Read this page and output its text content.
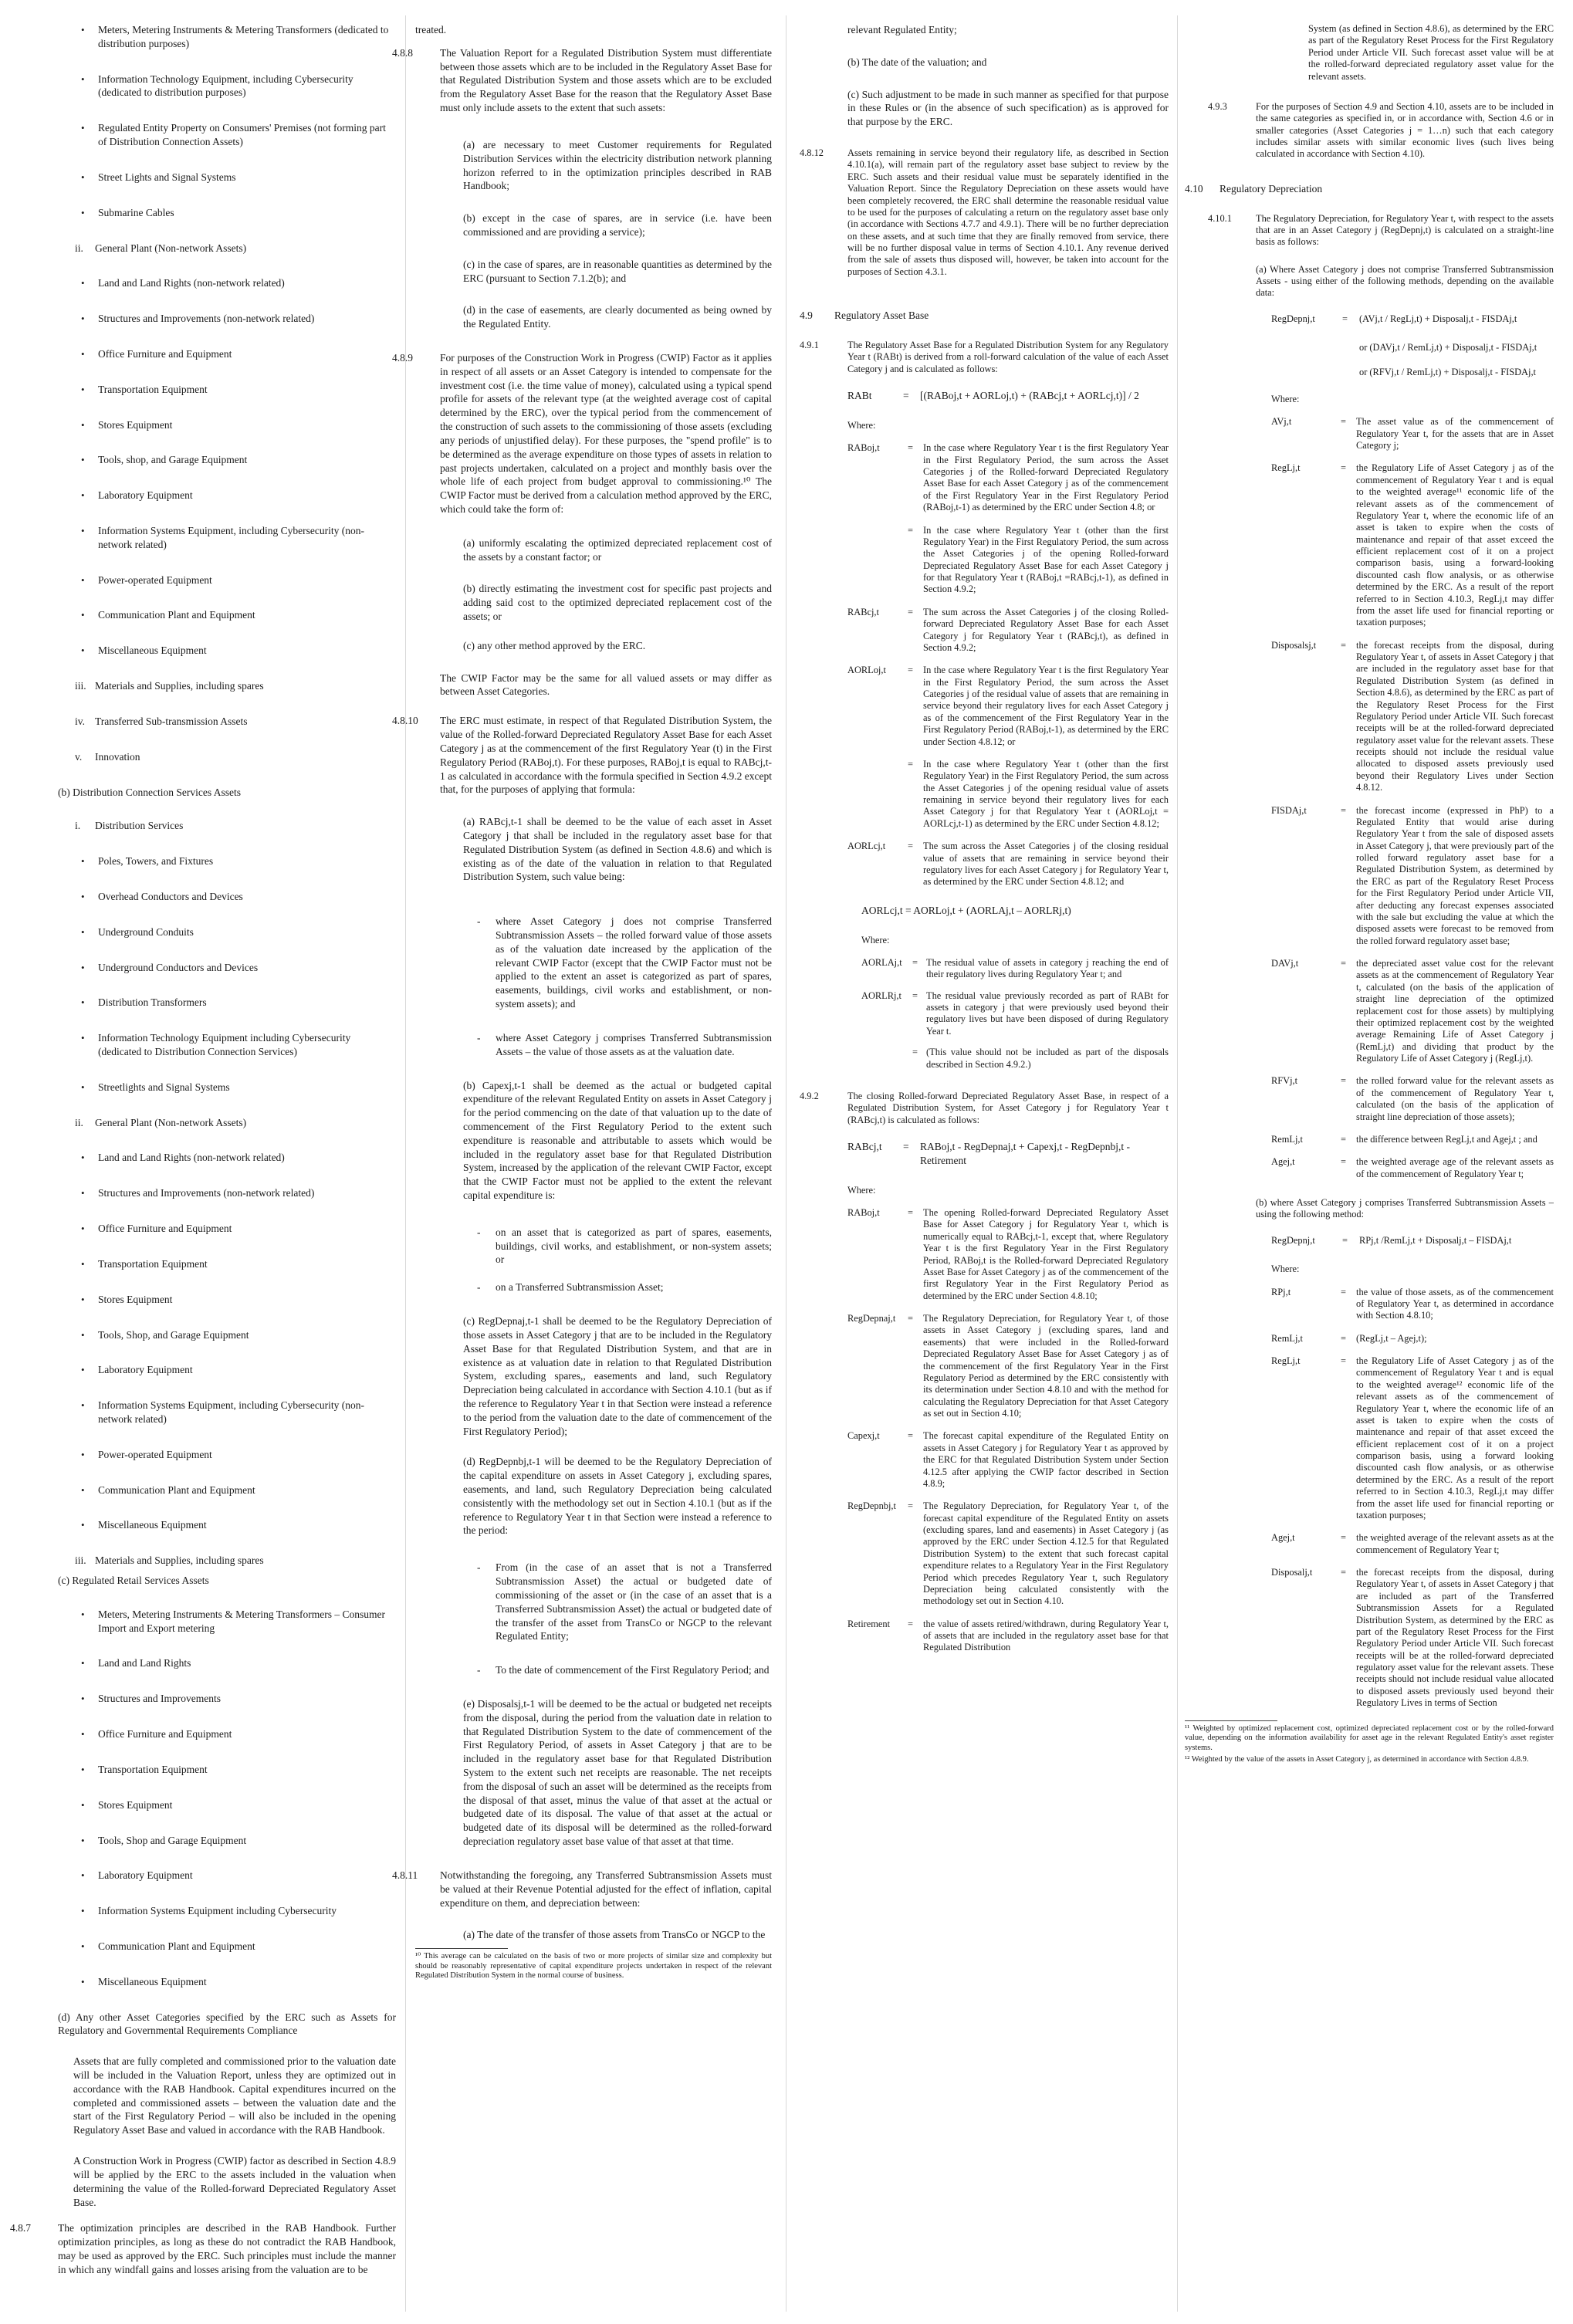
• Meters, Metering Instruments & Metering Transformers (dedicated to distribution purposes)
• Information Technology Equipment, including Cybersecurity (dedicated to distribution purposes)
• Regulated Entity Property on Consumers' Premises (not forming part of Distribution Connection Assets)
• Street Lights and Signal Systems
• Submarine Cables
ii. General Plant (Non-network Assets)
• Land and Land Rights (non-network related)
• Structures and Improvements (non-network related)
• Office Furniture and Equipment
• Transportation Equipment
• Stores Equipment
• Tools, shop, and Garage Equipment
• Laboratory Equipment
• Information Systems Equipment, including Cybersecurity (non-network related)
• Power-operated Equipment
• Communication Plant and Equipment
• Miscellaneous Equipment
iii. Materials and Supplies, including spares
iv. Transferred Sub-transmission Assets
v. Innovation
(b) Distribution Connection Services Assets
i. Distribution Services
• Poles, Towers, and Fixtures
• Overhead Conductors and Devices
• Underground Conduits
• Underground Conductors and Devices
• Distribution Transformers
• Information Technology Equipment including Cybersecurity (dedicated to Distribution Connection Services)
• Streetlights and Signal Systems
ii. General Plant (Non-network Assets)
• Land and Land Rights (non-network related)
• Structures and Improvements (non-network related)
• Office Furniture and Equipment
• Transportation Equipment
• Stores Equipment
• Tools, Shop, and Garage Equipment
• Laboratory Equipment
• Information Systems Equipment, including Cybersecurity (non-network related)
• Power-operated Equipment
• Communication Plant and Equipment
• Miscellaneous Equipment
iii. Materials and Supplies, including spares
(c) Regulated Retail Services Assets
• Meters, Metering Instruments & Metering Transformers – Consumer Import and Export metering
• Land and Land Rights
• Structures and Improvements
• Office Furniture and Equipment
• Transportation Equipment
• Stores Equipment
• Tools, Shop and Garage Equipment
• Laboratory Equipment
• Information Systems Equipment including Cybersecurity
• Communication Plant and Equipment
• Miscellaneous Equipment

(d) Any other Asset Categories specified by the ERC such as Assets for Regulatory and Governmental Requirements Compliance

Assets that are fully completed and commissioned prior to the valuation date will be included in the Valuation Report, unless they are optimized out in accordance with the RAB Handbook. Capital expenditures incurred on the completed and commissioned assets – between the valuation date and the start of the First Regulatory Period – will also be included in the opening Regulatory Asset Base and valued in accordance with the RAB Handbook.

A Construction Work in Progress (CWIP) factor as described in Section 4.8.9 will be applied by the ERC to the assets included in the valuation when determining the value of the Rolled-forward Depreciated Regulatory Asset Base.

4.8.7	The optimization principles are described in the RAB Handbook. Further optimization principles, as long as these do not contradict the RAB Handbook, may be used as approved by the ERC. Such principles must include the manner in which any windfall gains and losses arising from the valuation are to be

treated.

4.8.8	The Valuation Report for a Regulated Distribution System must differentiate between those assets which are to be included in the Regulatory Asset Base for that Regulated Distribution System and those assets which are to be excluded from the Regulatory Asset Base for the reason that the Regulatory Asset Base must only include assets to the extent that such assets:

(a) are necessary to meet Customer requirements for Regulated Distribution Services within the electricity distribution network planning horizon referred to in the optimization principles described in RAB Handbook;

(b) except in the case of spares, are in service (i.e. have been commissioned and are providing a service);

(c) in the case of spares, are in reasonable quantities as determined by the ERC (pursuant to Section 7.1.2(b); and

(d) in the case of easements, are clearly documented as being owned by the Regulated Entity.

4.8.9	For purposes of the Construction Work in Progress (CWIP) Factor as it applies in respect of all assets or an Asset Category is intended to compensate for the investment cost (i.e. the time value of money), calculated using a typical spend profile for assets of the relevant type (at the weighted average cost of capital determined by the ERC), over the typical period from the commencement of the construction of such assets to the commissioning of those assets (excluding any periods of unjustified delay). For these purposes, the "spend profile" is to be determined as the average expenditure on those types of assets in relation to past projects undertaken, calculated on a project and monthly basis over the whole life of each project from budget approval to commissioning.¹⁰ The CWIP Factor must be derived from a calculation method approved by the ERC, which could take the form of:

(a) uniformly escalating the optimized depreciated replacement cost of the assets by a constant factor; or

(b) directly estimating the investment cost for specific past projects and adding said cost to the optimized depreciated replacement cost of the assets; or

(c) any other method approved by the ERC.

The CWIP Factor may be the same for all valued assets or may differ as between Asset Categories.

4.8.10	The ERC must estimate, in respect of that Regulated Distribution System, the value of the Rolled-forward Depreciated Regulatory Asset Base for each Asset Category j as at the commencement of the first Regulatory Year (t) in the First Regulatory Period (RABoj,t). For these purposes, RABoj,t is equal to RABcj,t-1 as calculated in accordance with the formula specified in Section 4.9.2 except that, for the purposes of applying that formula:

(a) RABcj,t-1 shall be deemed to be the value of each asset in Asset Category j that shall be included in the regulatory asset base for that Regulated Distribution System (as defined in Section 4.8.6) and which is existing as of the date of the valuation in relation to that Regulated Distribution System, such value being:

-	where Asset Category j does not comprise Transferred Subtransmission Assets – the rolled forward value of those assets as of the valuation date increased by the application of the relevant CWIP Factor (except that the CWIP Factor must not be applied to the extent an asset is categorized as part of spares, easements, buildings, civil works and establishment, or non-system assets); and
-	where Asset Category j comprises Transferred Subtransmission Assets – the value of those assets as at the valuation date.

(b) Capexj,t-1 shall be deemed as the actual or budgeted capital expenditure of the relevant Regulated Entity on assets in Asset Category j for the period commencing on the date of that valuation up to the date of commencement of the First Regulatory Period to the extent such expenditure is reasonable and attributable to assets which would be included in the regulatory asset base for that Regulated Distribution System, increased by the application of the relevant CWIP Factor, except that the CWIP Factor must not be applied to the extent the relevant capital expenditure is:

-	on an asset that is categorized as part of spares, easements, buildings, civil works, and establishment, or non-system assets; or
-	on a Transferred Subtransmission Asset;

(c) RegDepnaj,t-1 shall be deemed to be the Regulatory Depreciation of those assets in Asset Category j that are to be included in the Regulatory Asset Base for that Regulated Distribution System, and that are in existence as at valuation date in relation to that Regulated Distribution System, excluding spares,, easements and land, such Regulatory Depreciation being calculated in accordance with Section 4.10.1 (but as if the reference to Regulatory Year t in that Section were instead a reference to the period from the valuation date to the date of commencement of the First Regulatory Period);

(d) RegDepnbj,t-1 will be deemed to be the Regulatory Depreciation of the capital expenditure on assets in Asset Category j, excluding spares, easements, and land, such Regulatory Depreciation being calculated consistently with the methodology set out in Section 4.10.1 (but as if the reference to Regulatory Year t in that Section were instead a reference to the period:

-	From (in the case of an asset that is not a Transferred Subtransmission Asset) the actual or budgeted date of commissioning of the asset or (in the case of an asset that is a Transferred Subtransmission Asset) the actual or budgeted date of the transfer of the asset from TransCo or NGCP to the relevant Regulated Entity;
-	To the date of commencement of the First Regulatory Period; and

(e) Disposalsj,t-1 will be deemed to be the actual or budgeted net receipts from the disposal, during the period from the valuation date in relation to that Regulated Distribution System to the date of commencement of the First Regulatory Period, of assets in Asset Category j that are to be included in the regulatory asset base for that Regulated Distribution System to the extent such net receipts are reasonable. The net receipts from the disposal of such an asset will be determined as the receipts from the disposal of that asset, minus the value of that asset at the actual or budgeted date of its disposal. The value of that asset at the actual or budgeted date of its disposal will be determined as the rolled-forward depreciation regulatory asset base value of that asset at that time.

4.8.11	Notwithstanding the foregoing, any Transferred Subtransmission Assets must be valued at their Revenue Potential adjusted for the effect of inflation, capital expenditure on them, and depreciation between:

(a) The date of the transfer of those assets from TransCo or NGCP to the

¹⁰ This average can be calculated on the basis of two or more projects of similar size and complexity but should be reasonably representative of capital expenditure projects undertaken in respect of the relevant Regulated Distribution System in the normal course of business.

relevant Regulated Entity;

(b) The date of the valuation; and

(c) Such adjustment to be made in such manner as specified for that purpose in these Rules or (in the absence of such specification) as is approved for that purpose by the ERC.

4.8.12	Assets remaining in service beyond their regulatory life, as described in Section 4.10.1(a), will remain part of the regulatory asset base subject to review by the ERC. Such assets and their residual value must be separately identified in the Valuation Report. Since the Regulatory Depreciation on these assets would have been completely recovered, the ERC shall determine the reasonable residual value to be used for the purposes of calculating a return on the regulatory asset base only (in accordance with Sections 4.7.7 and 4.9.1). There will be no further depreciation on these assets, and at such time that they are finally removed from service, there will be no further disposal value in terms of Section 4.10.1. Any revenue derived from the sale of assets thus disposed will, however, be taken into account for the purposes of Section 4.3.1.
4.9	Regulatory Asset Base
4.9.1	The Regulatory Asset Base for a Regulated Distribution System for any Regulatory Year t (RABt) is derived from a roll-forward calculation of the value of each Asset Category j and is calculated as follows:
RABt	=	[(RABoj,t + AORLoj,t) + (RABcj,t + AORLcj,t)] / 2
Where:
RABoj,t	=	In the case where Regulatory Year t is the first Regulatory Year in the First Regulatory Period, the sum across the Asset Categories j of the Rolled-forward Depreciated Regulatory Asset Base for each Asset Category j as of the commencement of the First Regulatory Year in the First Regulatory Period (RABoj,t-1) as determined by the ERC under Section 4.8; or
=	In the case where Regulatory Year t (other than the first Regulatory Year) in the First Regulatory Period, the sum across the Asset Categories j of the opening Rolled-forward Depreciated Regulatory Asset Base for each Asset Category j for that Regulatory Year t (RABoj,t =RABcj,t-1), as defined in Section 4.9.2;
RABcj,t	=	The sum across the Asset Categories j of the closing Rolled- forward Depreciated Regulatory Asset Base for each Asset Category j for Regulatory Year t (RABcj,t), as defined in Section 4.9.2;
AORLoj,t	=	In the case where Regulatory Year t is the first Regulatory Year in the First Regulatory Period, the sum across the Asset Categories j of the residual value of assets that are remaining in service beyond their regulatory lives for each Asset Category j as of the commencement of the First Regulatory Year in the First Regulatory Period (RABoj,t-1), as determined by the ERC under Section 4.8.12; or
=	In the case where Regulatory Year t (other than the first Regulatory Year) in the First Regulatory Period, the sum across the Asset Categories j of the opening residual value of assets remaining in service beyond their regulatory lives for each Asset Category j for that Regulatory Year t (AORLoj,t = AORLcj,t-1) as determined by the ERC under Section 4.8.12;
AORLcj,t	=	The sum across the Asset Categories j of the closing residual value of assets that are remaining in service beyond their regulatory lives for each Asset Category j for Regulatory Year t, as determined by the ERC under Section 4.8.12; and
AORLcj,t = AORLoj,t + (AORLAj,t – AORLRj,t)
Where:
AORLAj,t	= The residual value of assets in category j reaching the end of their regulatory lives during Regulatory Year t; and
AORLRj,t	= The residual value previously recorded as part of RABt for assets in category j that were previously used beyond their regulatory lives but have been disposed of during Regulatory Year t.
= (This value should not be included as part of the disposals described in Section 4.9.2.)
4.9.2	The closing Rolled-forward Depreciated Regulatory Asset Base, in respect of a Regulated Distribution System, for Asset Category j for Regulatory Year t (RABcj,t) is calculated as follows:
RABcj,t	=	RABoj,t - RegDepnaj,t + Capexj,t - RegDepnbj,t - Retirement
Where:
RABoj,t	=	The opening Rolled-forward Depreciated Regulatory Asset Base for Asset Category j for Regulatory Year t, which is numerically equal to RABcj,t-1, except that, where Regulatory Year t is the first Regulatory Year in the First Regulatory Period, RABoj,t is the Rolled-forward Depreciated Regulatory Asset Base for Asset Category j as of the commencement of the first Regulatory Year in the First Regulatory Period as determined by the ERC under Section 4.8.10;
RegDepnaj,t	=	The Regulatory Depreciation, for Regulatory Year t, of those assets in Asset Category j (excluding spares, land and easements) that were included in the Rolled-forward Depreciated Regulatory Asset Base for Asset Category j as of the commencement of the first Regulatory Year in the First Regulatory Period as determined by the ERC consistently with its determination under Section 4.8.10 and with the method for calculating the Regulatory Depreciation for that Asset Category as set out in Section 4.10;
Capexj,t	=	The forecast capital expenditure of the Regulated Entity on assets in Asset Category j for Regulatory Year t as approved by the ERC for that Regulated Distribution System under Section 4.12.5 after applying the CWIP factor described in Section 4.8.9;
RegDepnbj,t	=	The Regulatory Depreciation, for Regulatory Year t, of the forecast capital expenditure of the Regulated Entity on assets (excluding spares, land and easements) in Asset Category j (as approved by the ERC under Section 4.12.5 for that Regulated Distribution System) to the extent that such forecast capital expenditure relates to a Regulatory Year in the First Regulatory Period which precedes Regulatory Year t, such Regulatory Depreciation being calculated consistently with the methodology set out in Section 4.10.
Retirement	=	the value of assets retired/withdrawn, during Regulatory Year t, of assets that are included in the regulatory asset base for that Regulated Distribution

System (as defined in Section 4.8.6), as determined by the ERC as part of the Regulatory Reset Process for the First Regulatory Period under Article VII. Such forecast asset value will be at the rolled-forward depreciated regulatory asset value for the relevant assets.

4.9.3	For the purposes of Section 4.9 and Section 4.10, assets are to be included in the same categories as specified in, or in accordance with, Section 4.6 or in smaller categories (Asset Categories j = 1…n) such that each category includes similar assets with similar economic lives (such lives being calculated in accordance with Section 4.10).
4.10	Regulatory Depreciation
4.10.1	The Regulatory Depreciation, for Regulatory Year t, with respect to the assets that are in an Asset Category j (RegDepnj,t) is calculated on a straight-line basis as follows:

(a) Where Asset Category j does not comprise Transferred Subtransmission Assets - using either of the following methods, depending on the available data:

RegDepnj,t	=	(AVj,t / RegLj,t) + Disposalj,t - FISDAj,t
or (DAVj,t / RemLj,t) + Disposalj,t - FISDAj,t
or (RFVj,t / RemLj,t) + Disposalj,t - FISDAj,t
Where:
AVj,t	=	The asset value as of the commencement of Regulatory Year t, for the assets that are in Asset Category j;
RegLj,t	=	the Regulatory Life of Asset Category j as of the commencement of Regulatory Year t and is equal to the weighted average¹¹ economic life of the relevant assets as of the commencement of Regulatory Year t, where the economic life of an asset is taken to expire when the costs of maintenance and repair of that asset exceed the efficient replacement cost of it on a project comparison basis, using a forward-looking discounted cash flow analysis, or as otherwise determined by the ERC. As a result of the report referred to in Section 4.10.3, RegLj,t may differ from the asset life used for financial reporting or taxation purposes;
Disposalsj,t	=	the forecast receipts from the disposal, during Regulatory Year t, of assets in Asset Category j that are included in the regulatory asset base for that Regulated Distribution System (as defined in Section 4.8.6), as determined by the ERC as part of the Regulatory Reset Process for the First Regulatory Period under Article VII. Such forecast receipts will be at the rolled-forward depreciated regulatory asset value for the relevant assets. These receipts should not include the residual value allocated to disposed assets previously used beyond their Regulatory Lives under Section 4.8.12.
FISDAj,t	=	the forecast income (expressed in PhP) to a Regulated Entity that would arise during Regulatory Year t from the sale of disposed assets in Asset Category j, that were previously part of the rolled forward regulatory asset base for a Regulated Distribution System, as determined by the ERC as part of the Regulatory Reset Process for the First Regulatory Period under Article VII, after deducting any forecast expenses associated with the sale but excluding the value at which the disposed assets were forecast to be removed from the rolled forward regulatory asset base;
DAVj,t	=	the depreciated asset value cost for the relevant assets as at the commencement of Regulatory Year t, calculated (on the basis of the application of straight line depreciation of the optimized replacement cost for those assets) by multiplying their optimized replacement cost by the weighted average Remaining Life of Asset Category j (RemLj,t) and dividing that product by the Regulatory Life of Asset Category j (RegLj,t).
RFVj,t	=	the rolled forward value for the relevant assets as of the commencement of Regulatory Year t, calculated (on the basis of the application of straight line depreciation of those assets);
RemLj,t	=	the difference between RegLj,t and Agej,t ; and
Agej,t	=	the weighted average age of the relevant assets as of the commencement of Regulatory Year t;

(b) where Asset Category j comprises Transferred Subtransmission Assets – using the following method:

RegDepnj,t	=	RPj,t /RemLj,t + Disposalj,t – FISDAj,t
Where:
RPj,t	=	the value of those assets, as of the commencement of Regulatory Year t, as determined in accordance with Section 4.8.10;
RemLj,t	=	(RegLj,t – Agej,t);
RegLj,t	=	the Regulatory Life of Asset Category j as of the commencement of Regulatory Year t and is equal to the weighted average¹² economic life of the relevant assets as of the commencement of Regulatory Year t, where the economic life of an asset is taken to expire when the costs of maintenance and repair of that asset exceed the efficient replacement cost of it on a project comparison basis, using a forward looking discounted cash flow analysis, or as otherwise determined by the ERC. As a result of the report referred to in Section 4.10.3, RegLj,t may differ from the asset life used for financial reporting or taxation purposes;
Agej,t	=	the weighted average of the relevant assets as at the commencement of Regulatory Year t;
Disposalj,t	=	the forecast receipts from the disposal, during Regulatory Year t, of assets in Asset Category j that are included as part of the Transferred Subtransmission Assets for a Regulated Distribution System, as determined by the ERC as part of the Regulatory Reset Process for the First Regulatory Period under Article VII. Such forecast receipts will be at the rolled-forward depreciated regulatory asset value for the relevant assets. These receipts should not include residual value allocated to disposed assets previously used beyond their Regulatory Lives in terms of Section

¹¹ Weighted by optimized replacement cost, optimized depreciated replacement cost or by the rolled-forward value, depending on the information availability for asset age in the relevant Regulated Entity's asset register systems.

¹² Weighted by the value of the assets in Asset Category j, as determined in accordance with Section 4.8.9.
